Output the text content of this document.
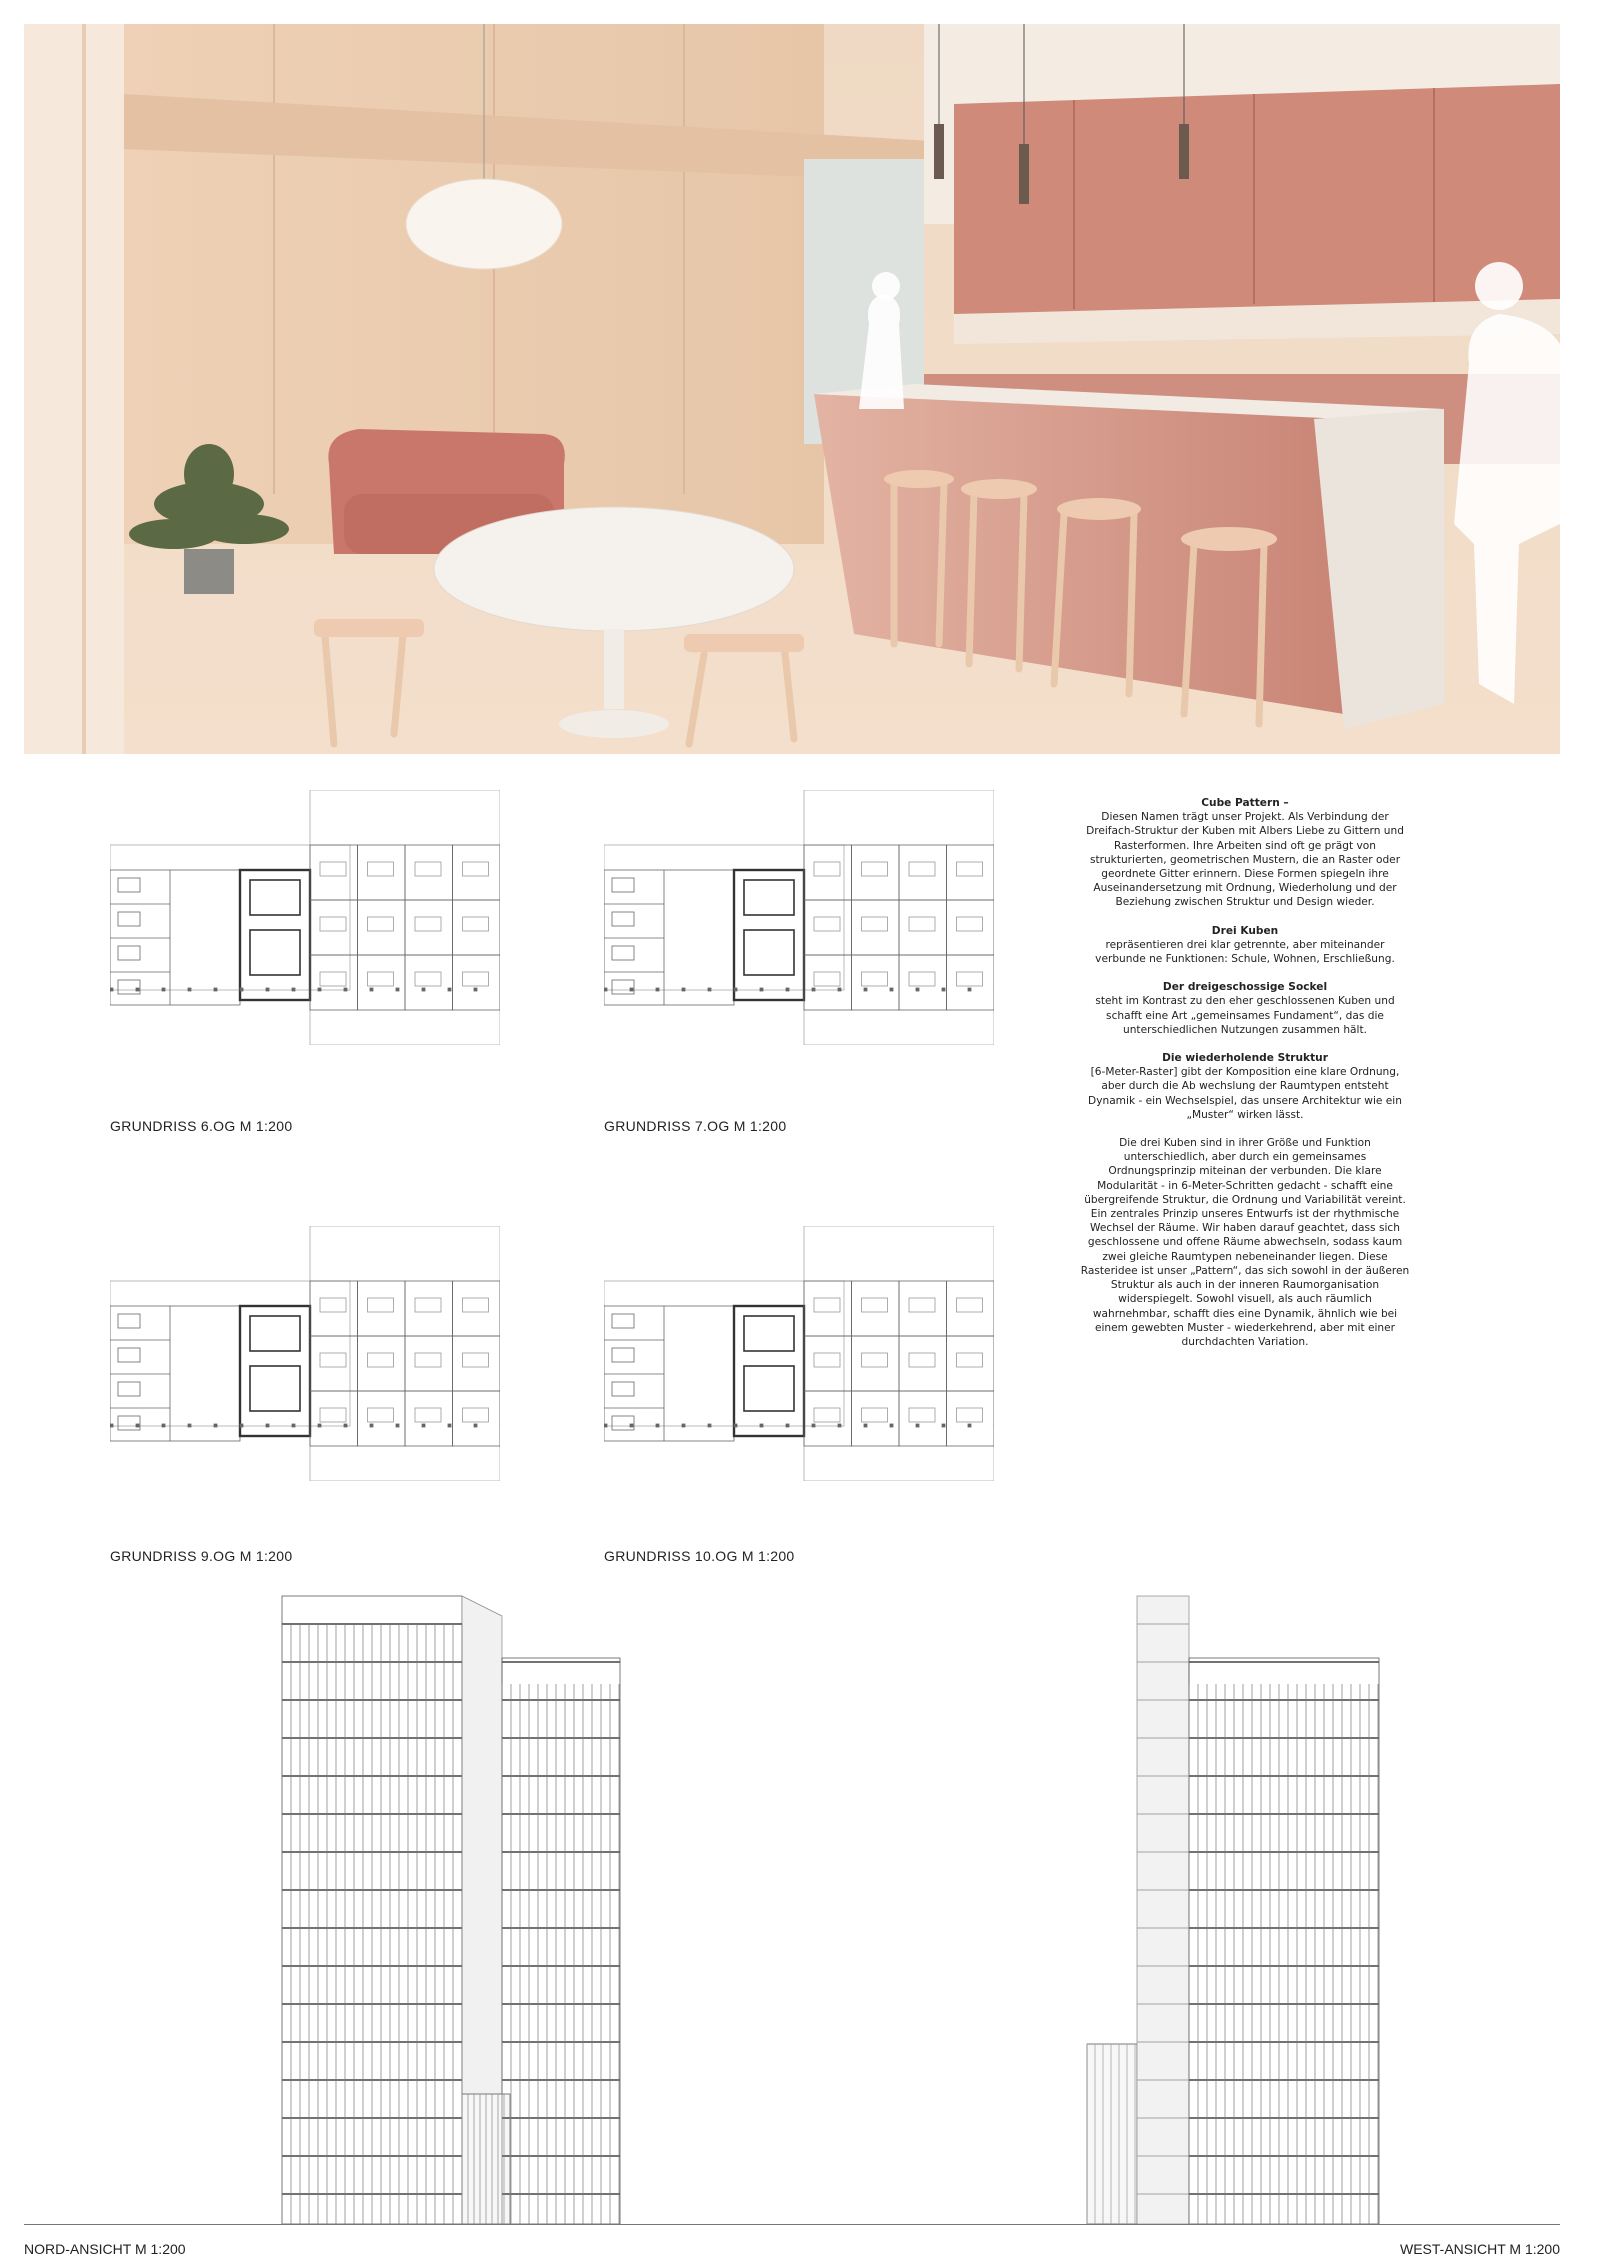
GRUNDRISS 6.OG M 1:200	GRUNDRISS 7.OG M 1:200
GRUNDRISS 9.OG M 1:200	GRUNDRISS 10.OG M 1:200

Cube Pattern –
Diesen Namen trägt unser Projekt. Als Verbindung der Dreifach-Struktur der Kuben mit Albers Liebe zu Gittern und Rasterformen. Ihre Arbeiten sind oft ge prägt von strukturierten, geometrischen Mustern, die an Raster oder geordnete Gitter erinnern. Diese Formen spiegeln ihre Auseinandersetzung mit Ordnung, Wiederholung und der Beziehung zwischen Struktur und Design wieder.

Drei Kuben
repräsentieren drei klar getrennte, aber miteinander verbunde ne Funktionen: Schule, Wohnen, Erschließung.

Der dreigeschossige Sockel
steht im Kontrast zu den eher geschlossenen Kuben und schafft eine Art „gemeinsames Fundament“, das die unterschiedlichen Nutzungen zusammen hält.

Die wiederholende Struktur
[6-Meter-Raster] gibt der Komposition eine klare Ordnung, aber durch die Ab wechslung der Raumtypen entsteht Dynamik - ein Wechselspiel, das unsere Architektur wie ein „Muster“ wirken lässt.

Die drei Kuben sind in ihrer Größe und Funktion unterschiedlich, aber durch ein gemeinsames Ordnungsprinzip miteinan der verbunden. Die klare Modularität - in 6-Meter-Schritten gedacht - schafft eine übergreifende Struktur, die Ordnung und Variabilität vereint. Ein zentrales Prinzip unseres Entwurfs ist der rhythmische Wechsel der Räume. Wir haben darauf geachtet, dass sich geschlossene und offene Räume abwechseln, sodass kaum zwei gleiche Raumtypen nebeneinander liegen. Diese Rasteridee ist unser „Pattern“, das sich sowohl in der äußeren Struktur als auch in der inneren Raumorganisation widerspiegelt. Sowohl visuell, als auch räumlich wahrnehmbar, schafft dies eine Dynamik, ähnlich wie bei einem gewebten Muster - wiederkehrend, aber mit einer durchdachten Variation.

NORD-ANSICHT M 1:200	WEST-ANSICHT M 1:200
